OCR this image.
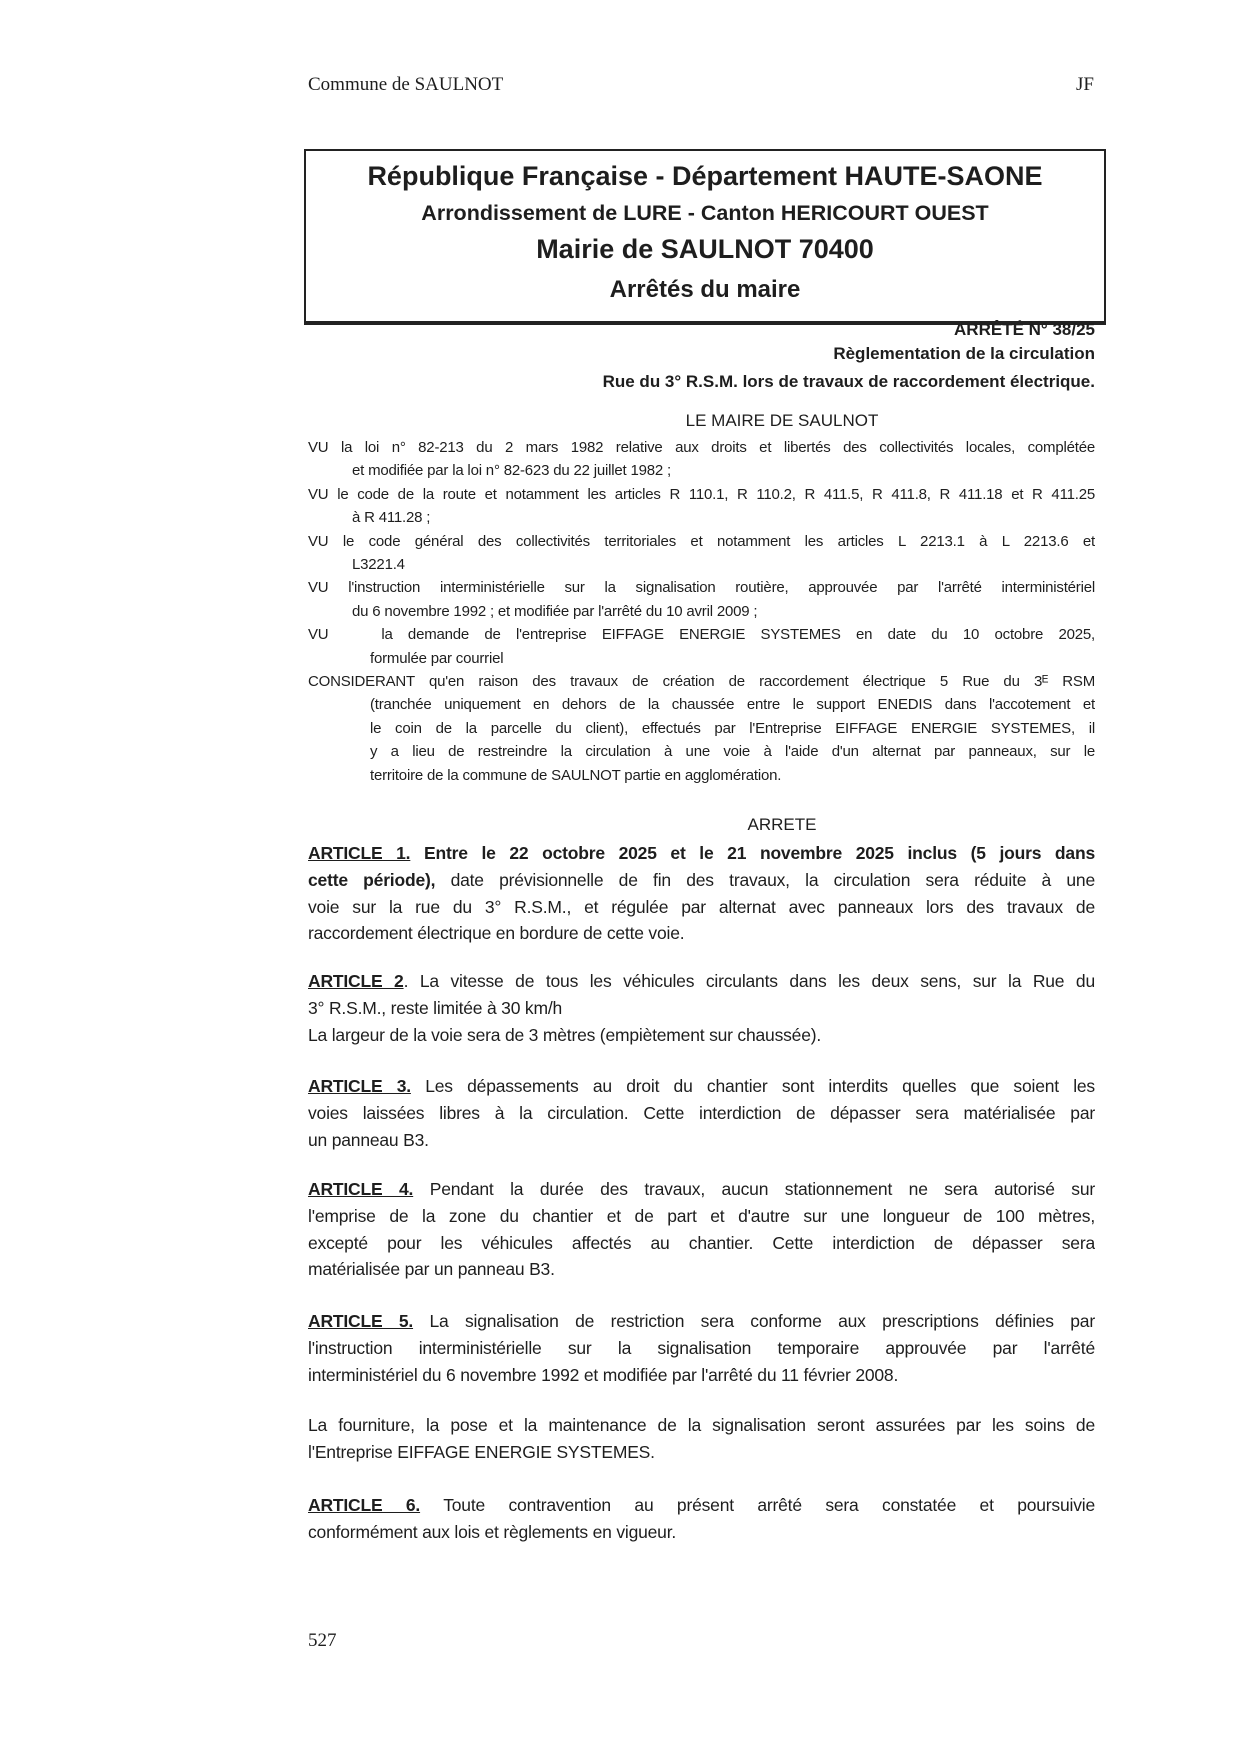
Commune de SAULNOT	JF
République Française - Département HAUTE-SAONE
Arrondissement de LURE - Canton HERICOURT OUEST
Mairie de SAULNOT 70400
Arrêtés du maire
ARRÊTÉ N° 38/25
Règlementation de la circulation
Rue du 3° R.S.M. lors de travaux de raccordement électrique.
LE MAIRE DE SAULNOT
VU la loi n° 82-213 du 2 mars 1982 relative aux droits et libertés des collectivités locales, complétée
et modifiée par la loi n° 82-623 du 22 juillet 1982 ;
VU le code de la route et notamment les articles R 110.1, R 110.2, R 411.5, R 411.8, R 411.18 et R 411.25
à R 411.28 ;
VU le code général des collectivités territoriales et notamment les articles L 2213.1 à L 2213.6 et
L3221.4
VU l'instruction interministérielle sur la signalisation routière, approuvée par l'arrêté interministériel
du 6 novembre 1992 ; et modifiée par l'arrêté du 10 avril 2009 ;
VU	la demande de l'entreprise EIFFAGE ENERGIE SYSTEMES en date du 10 octobre 2025,
formulée par courriel
CONSIDERANT qu'en raison des travaux de création de raccordement électrique 5 Rue du 3ᴱ RSM
(tranchée uniquement en dehors de la chaussée entre le support ENEDIS dans l'accotement et
le coin de la parcelle du client), effectués par l'Entreprise EIFFAGE ENERGIE SYSTEMES, il
y a lieu de restreindre la circulation à une voie à l'aide d'un alternat par panneaux, sur le
territoire de la commune de SAULNOT partie en agglomération.
ARRETE
ARTICLE 1. Entre le 22 octobre 2025 et le 21 novembre 2025 inclus (5 jours dans
cette période), date prévisionnelle de fin des travaux, la circulation sera réduite à une
voie sur la rue du 3° R.S.M., et régulée par alternat avec panneaux lors des travaux de
raccordement électrique en bordure de cette voie.
ARTICLE 2. La vitesse de tous les véhicules circulants dans les deux sens, sur la Rue du
3° R.S.M., reste limitée à 30 km/h
La largeur de la voie sera de 3 mètres (empiètement sur chaussée).
ARTICLE 3. Les dépassements au droit du chantier sont interdits quelles que soient les
voies laissées libres à la circulation. Cette interdiction de dépasser sera matérialisée par
un panneau B3.
ARTICLE 4. Pendant la durée des travaux, aucun stationnement ne sera autorisé sur
l'emprise de la zone du chantier et de part et d'autre sur une longueur de 100 mètres,
excepté pour les véhicules affectés au chantier. Cette interdiction de dépasser sera
matérialisée par un panneau B3.
ARTICLE 5. La signalisation de restriction sera conforme aux prescriptions définies par
l'instruction interministérielle sur la signalisation temporaire approuvée par l'arrêté
interministériel du 6 novembre 1992 et modifiée par l'arrêté du 11 février 2008.
La fourniture, la pose et la maintenance de la signalisation seront assurées par les soins de
l'Entreprise EIFFAGE ENERGIE SYSTEMES.
ARTICLE 6. Toute contravention au présent arrêté sera constatée et poursuivie
conformément aux lois et règlements en vigueur.
527
